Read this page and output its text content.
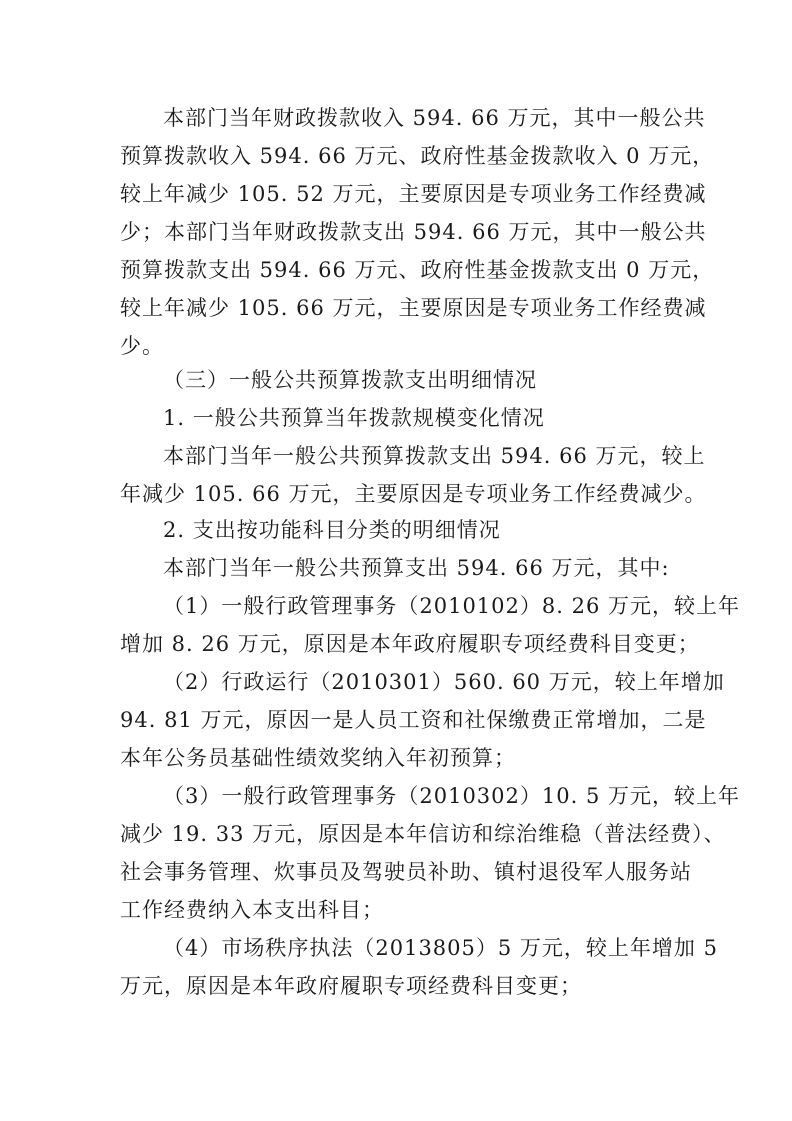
本部门当年财政拨款收入 594. 66 万元，其中一般公共
预算拨款收入 594. 66 万元、政府性基金拨款收入 0 万元，
较上年减少 105. 52 万元，主要原因是专项业务工作经费减
少；本部门当年财政拨款支出 594. 66 万元，其中一般公共
预算拨款支出 594. 66 万元、政府性基金拨款支出 0 万元，
较上年减少 105. 66 万元，主要原因是专项业务工作经费减
少。
（三）一般公共预算拨款支出明细情况
1. 一般公共预算当年拨款规模变化情况
本部门当年一般公共预算拨款支出 594. 66 万元，较上
年减少 105. 66 万元，主要原因是专项业务工作经费减少。
2. 支出按功能科目分类的明细情况
本部门当年一般公共预算支出 594. 66 万元，其中:
（1）一般行政管理事务（2010102）8. 26 万元，较上年
增加 8. 26 万元，原因是本年政府履职专项经费科目变更；
（2）行政运行（2010301）560. 60 万元，较上年增加
94. 81 万元，原因一是人员工资和社保缴费正常增加，二是
本年公务员基础性绩效奖纳入年初预算；
（3）一般行政管理事务（2010302）10. 5 万元，较上年
减少 19. 33 万元，原因是本年信访和综治维稳（普法经费）、
社会事务管理、炊事员及驾驶员补助、镇村退役军人服务站
工作经费纳入本支出科目；
（4）市场秩序执法（2013805）5 万元，较上年增加 5
万元，原因是本年政府履职专项经费科目变更；
